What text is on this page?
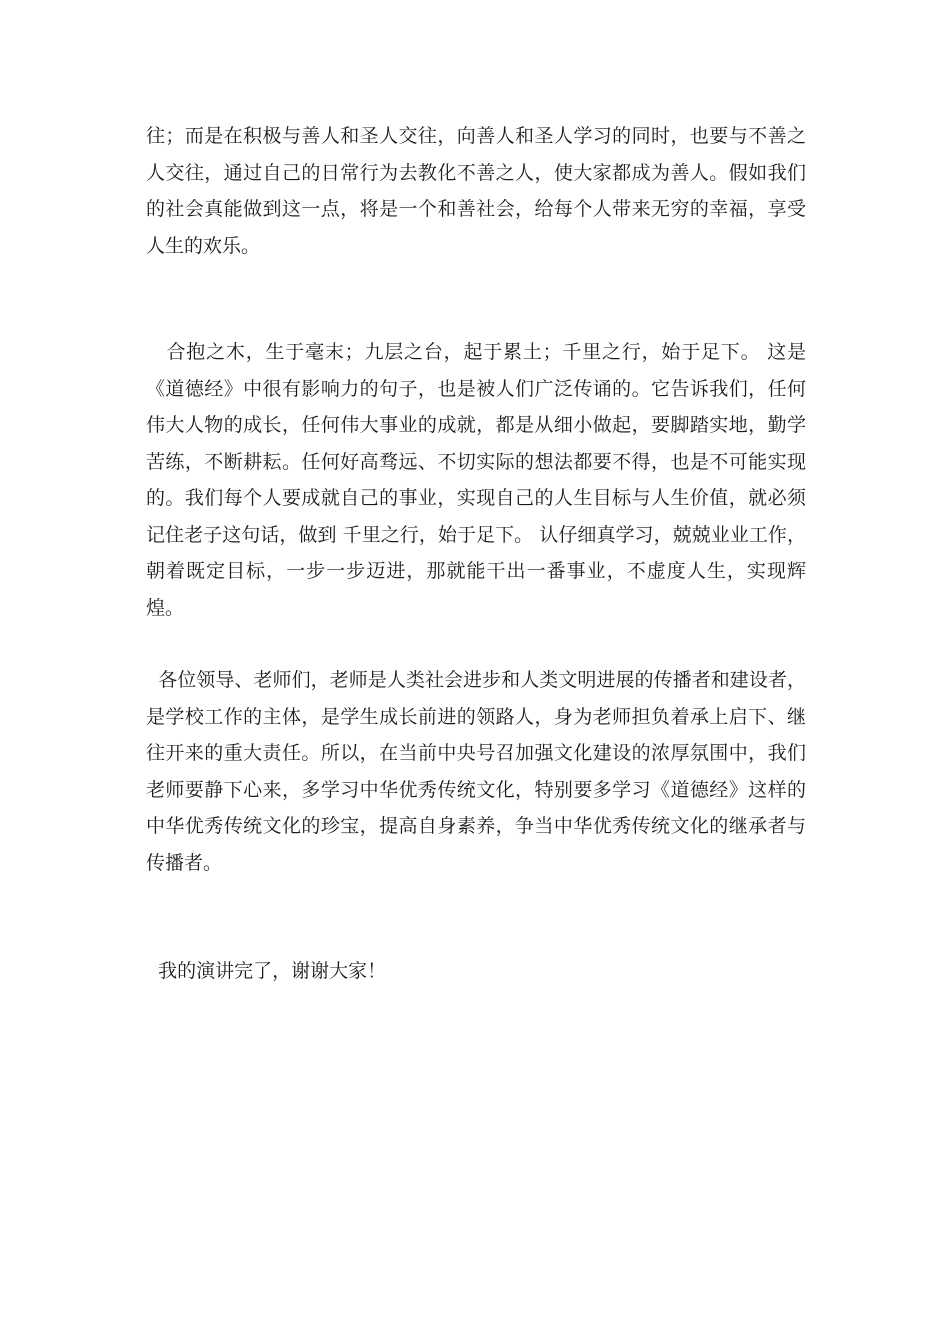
往；而是在积极与善人和圣人交往，向善人和圣人学习的同时，也要与不善之人交往，通过自己的日常行为去教化不善之人，使大家都成为善人。假如我们的社会真能做到这一点，将是一个和善社会，给每个人带来无穷的幸福，享受人生的欢乐。

合抱之木，生于毫末；九层之台，起于累土；千里之行，始于足下。 这是《道德经》中很有影响力的句子，也是被人们广泛传诵的。它告诉我们，任何伟大人物的成长，任何伟大事业的成就，都是从细小做起，要脚踏实地，勤学苦练，不断耕耘。任何好高骛远、不切实际的想法都要不得，也是不可能实现的。我们每个人要成就自己的事业，实现自己的人生目标与人生价值，就必须记住老子这句话，做到 千里之行，始于足下。 认仔细真学习，兢兢业业工作，朝着既定目标，一步一步迈进，那就能干出一番事业，不虚度人生，实现辉煌。

各位领导、老师们，老师是人类社会进步和人类文明进展的传播者和建设者，是学校工作的主体，是学生成长前进的领路人，身为老师担负着承上启下、继往开来的重大责任。所以，在当前中央号召加强文化建设的浓厚氛围中，我们老师要静下心来，多学习中华优秀传统文化，特别要多学习《道德经》这样的中华优秀传统文化的珍宝，提高自身素养，争当中华优秀传统文化的继承者与传播者。

我的演讲完了，谢谢大家！
